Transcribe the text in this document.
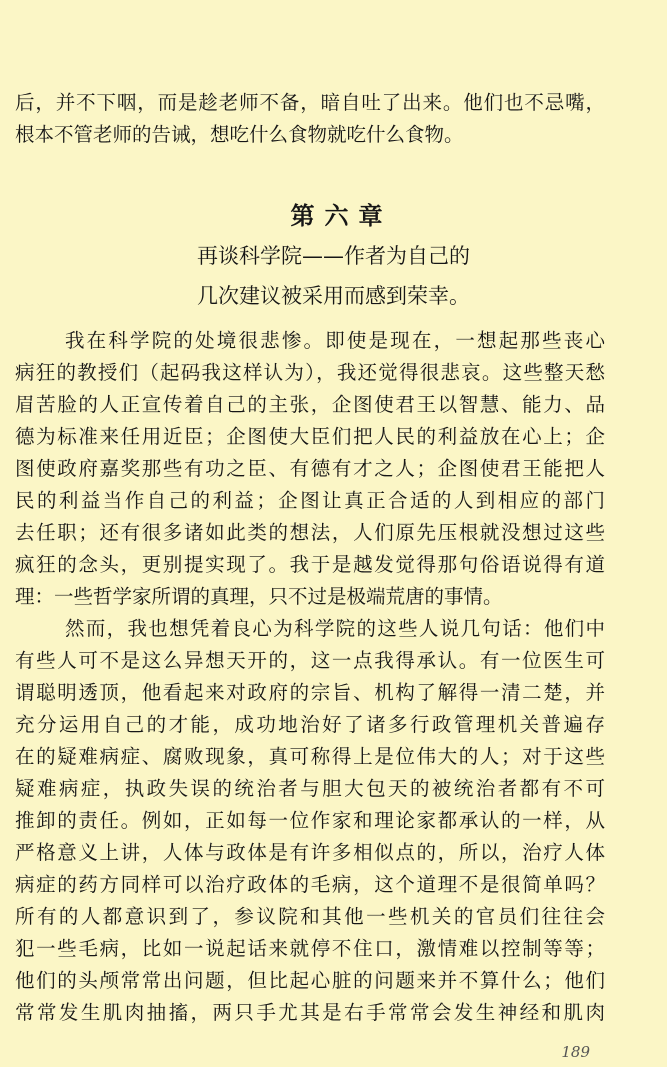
后，并不下咽，而是趁老师不备，暗自吐了出来。他们也不忌嘴，
根本不管老师的告诫，想吃什么食物就吃什么食物。
第六章
再谈科学院——作者为自己的
几次建议被采用而感到荣幸。
我在科学院的处境很悲惨。即使是现在，一想起那些丧心
病狂的教授们（起码我这样认为），我还觉得很悲哀。这些整天愁
眉苦脸的人正宣传着自己的主张，企图使君王以智慧、能力、品
德为标准来任用近臣；企图使大臣们把人民的利益放在心上；企
图使政府嘉奖那些有功之臣、有德有才之人；企图使君王能把人
民的利益当作自己的利益；企图让真正合适的人到相应的部门
去任职；还有很多诸如此类的想法，人们原先压根就没想过这些
疯狂的念头，更别提实现了。我于是越发觉得那句俗语说得有道
理：一些哲学家所谓的真理，只不过是极端荒唐的事情。
然而，我也想凭着良心为科学院的这些人说几句话：他们中
有些人可不是这么异想天开的，这一点我得承认。有一位医生可
谓聪明透顶，他看起来对政府的宗旨、机构了解得一清二楚，并
充分运用自己的才能，成功地治好了诸多行政管理机关普遍存
在的疑难病症、腐败现象，真可称得上是位伟大的人；对于这些
疑难病症，执政失误的统治者与胆大包天的被统治者都有不可
推卸的责任。例如，正如每一位作家和理论家都承认的一样，从
严格意义上讲，人体与政体是有许多相似点的，所以，治疗人体
病症的药方同样可以治疗政体的毛病，这个道理不是很简单吗？
所有的人都意识到了，参议院和其他一些机关的官员们往往会
犯一些毛病，比如一说起话来就停不住口，激情难以控制等等；
他们的头颅常常出问题，但比起心脏的问题来并不算什么；他们
常常发生肌肉抽搐，两只手尤其是右手常常会发生神经和肌肉
189
